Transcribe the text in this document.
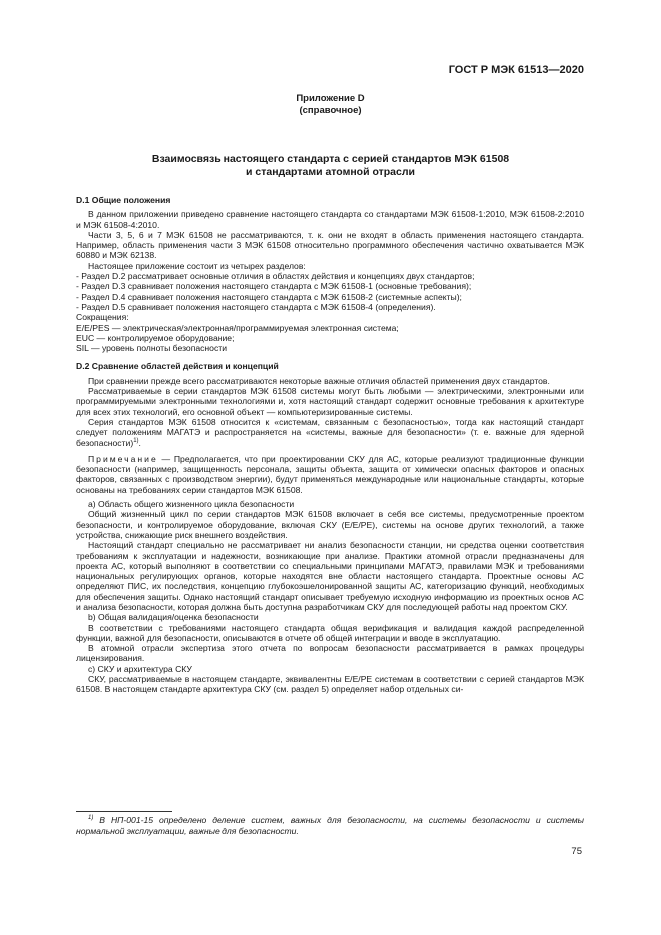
ГОСТ Р МЭК 61513—2020
Приложение D
(справочное)
Взаимосвязь настоящего стандарта с серией стандартов МЭК 61508
и стандартами атомной отрасли
D.1 Общие положения

В данном приложении приведено сравнение настоящего стандарта со стандартами МЭК 61508-1:2010, МЭК 61508-2:2010 и МЭК 61508-4:2010.

Части 3, 5, 6 и 7 МЭК 61508 не рассматриваются, т. к. они не входят в область применения настоящего стандарта. Например, область применения части 3 МЭК 61508 относительно программного обеспечения частично охватывается МЭК 60880 и МЭК 62138.

Настоящее приложение состоит из четырех разделов:

- Раздел D.2 рассматривает основные отличия в областях действия и концепциях двух стандартов;

- Раздел D.3 сравнивает положения настоящего стандарта с МЭК 61508-1 (основные требования);

- Раздел D.4 сравнивает положения настоящего стандарта с МЭК 61508-2 (системные аспекты);

- Раздел D.5 сравнивает положения настоящего стандарта с МЭК 61508-4 (определения).

Сокращения:

E/E/PES — электрическая/электронная/программируемая электронная система;

EUC — контролируемое оборудование;

SIL — уровень полноты безопасности

D.2 Сравнение областей действия и концепций

При сравнении прежде всего рассматриваются некоторые важные отличия областей применения двух стандартов.

Рассматриваемые в серии стандартов МЭК 61508 системы могут быть любыми — электрическими, электронными или программируемыми электронными технологиями и, хотя настоящий стандарт содержит основные требования к архитектуре для всех этих технологий, его основной объект — компьютеризированные системы.

Серия стандартов МЭК 61508 относится к «системам, связанным с безопасностью», тогда как настоящий стандарт следует положениям МАГАТЭ и распространяется на «системы, важные для безопасности» (т. е. важные для ядерной безопасности)$^{1)}$.

Примечание — Предполагается, что при проектировании СКУ для АС, которые реализуют традиционные функции безопасности (например, защищенность персонала, защиты объекта, защита от химически опасных факторов и опасных факторов, связанных с производством энергии), будут применяться международные или национальные стандарты, которые основаны на требованиях серии стандартов МЭК 61508.

а) Область общего жизненного цикла безопасности

Общий жизненный цикл по серии стандартов МЭК 61508 включает в себя все системы, предусмотренные проектом безопасности, и контролируемое оборудование, включая СКУ (E/E/PE), системы на основе других технологий, а также устройства, снижающие риск внешнего воздействия.

Настоящий стандарт специально не рассматривает ни анализ безопасности станции, ни средства оценки соответствия требованиям к эксплуатации и надежности, возникающие при анализе. Практики атомной отрасли предназначены для проекта АС, который выполняют в соответствии со специальными принципами МАГАТЭ, правилами МЭК и требованиями национальных регулирующих органов, которые находятся вне области настоящего стандарта. Проектные основы АС определяют ПИС, их последствия, концепцию глубокоэшелонированной защиты АС, категоризацию функций, необходимых для обеспечения защиты. Однако настоящий стандарт описывает требуемую исходную информацию из проектных основ АС и анализа безопасности, которая должна быть доступна разработчикам СКУ для последующей работы над проектом СКУ.

b) Общая валидация/оценка безопасности

В соответствии с требованиями настоящего стандарта общая верификация и валидация каждой распределенной функции, важной для безопасности, описываются в отчете об общей интеграции и вводе в эксплуатацию.

В атомной отрасли экспертиза этого отчета по вопросам безопасности рассматривается в рамках процедуры лицензирования.

с) СКУ и архитектура СКУ

СКУ, рассматриваемые в настоящем стандарте, эквивалентны E/E/PE системам в соответствии с серией стандартов МЭК 61508. В настоящем стандарте архитектура СКУ (см. раздел 5) определяет набор отдельных си-

$^{1)}$ В НП-001-15 определено деление систем, важных для безопасности, на системы безопасности и системы нормальной эксплуатации, важные для безопасности.
75
